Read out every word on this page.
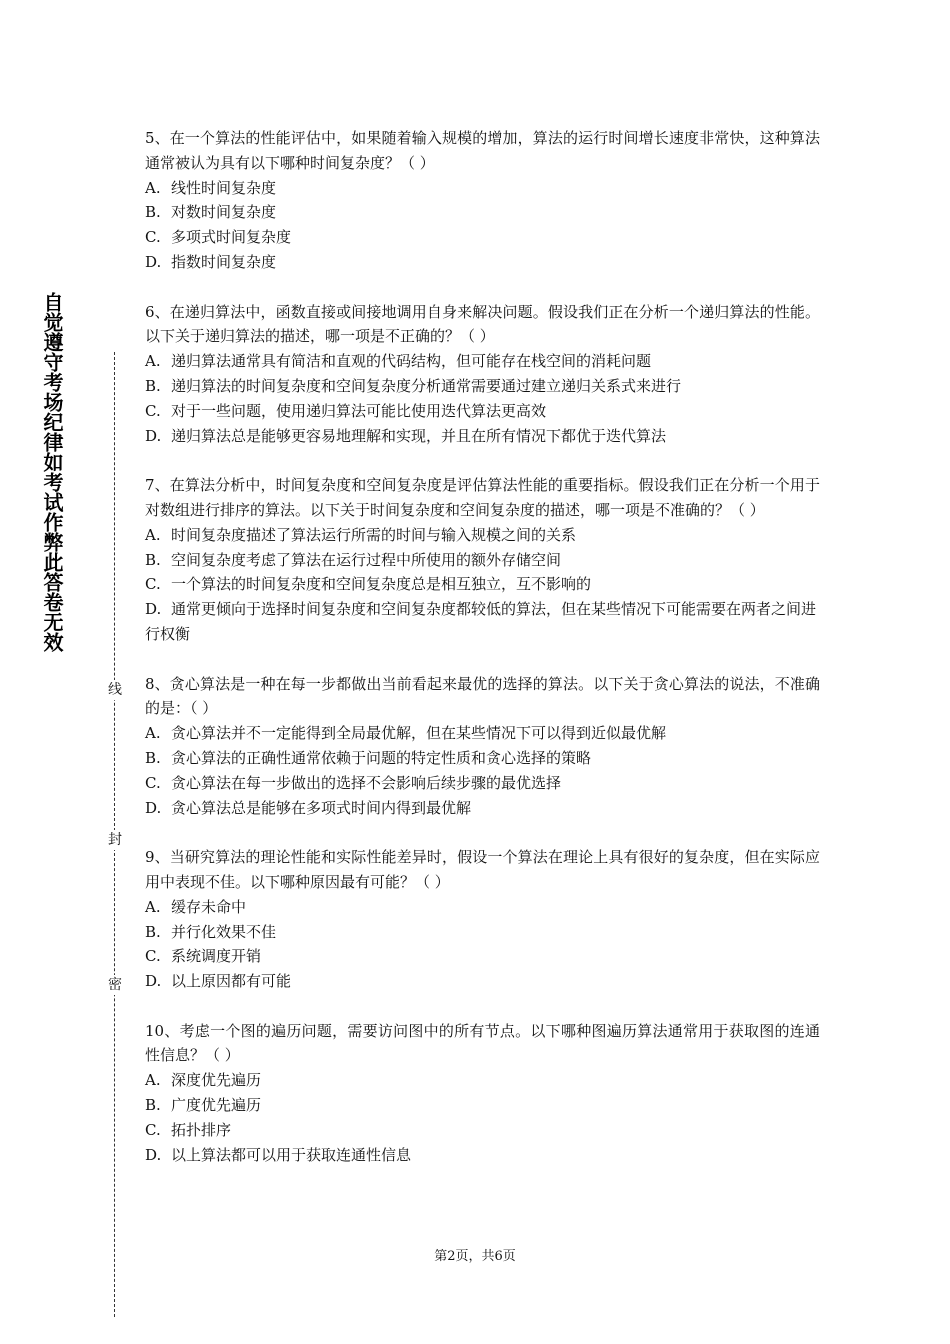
自觉遵守考场纪律如考试作弊此答卷无效
线
封
密

5、在一个算法的性能评估中，如果随着输入规模的增加，算法的运行时间增长速度非常快，这种算法通常被认为具有以下哪种时间复杂度？（ ）

A. 线性时间复杂度

B. 对数时间复杂度

C. 多项式时间复杂度

D. 指数时间复杂度

6、在递归算法中，函数直接或间接地调用自身来解决问题。假设我们正在分析一个递归算法的性能。以下关于递归算法的描述，哪一项是不正确的？（ ）

A. 递归算法通常具有简洁和直观的代码结构，但可能存在栈空间的消耗问题

B. 递归算法的时间复杂度和空间复杂度分析通常需要通过建立递归关系式来进行

C. 对于一些问题，使用递归算法可能比使用迭代算法更高效

D. 递归算法总是能够更容易地理解和实现，并且在所有情况下都优于迭代算法

7、在算法分析中，时间复杂度和空间复杂度是评估算法性能的重要指标。假设我们正在分析一个用于对数组进行排序的算法。以下关于时间复杂度和空间复杂度的描述，哪一项是不准确的？（ ）

A. 时间复杂度描述了算法运行所需的时间与输入规模之间的关系

B. 空间复杂度考虑了算法在运行过程中所使用的额外存储空间

C. 一个算法的时间复杂度和空间复杂度总是相互独立，互不影响的

D. 通常更倾向于选择时间复杂度和空间复杂度都较低的算法，但在某些情况下可能需要在两者之间进行权衡

8、贪心算法是一种在每一步都做出当前看起来最优的选择的算法。以下关于贪心算法的说法，不准确的是：（ ）

A. 贪心算法并不一定能得到全局最优解，但在某些情况下可以得到近似最优解

B. 贪心算法的正确性通常依赖于问题的特定性质和贪心选择的策略

C. 贪心算法在每一步做出的选择不会影响后续步骤的最优选择

D. 贪心算法总是能够在多项式时间内得到最优解

9、当研究算法的理论性能和实际性能差异时，假设一个算法在理论上具有很好的复杂度，但在实际应用中表现不佳。以下哪种原因最有可能？（ ）

A. 缓存未命中

B. 并行化效果不佳

C. 系统调度开销

D. 以上原因都有可能

10、考虑一个图的遍历问题，需要访问图中的所有节点。以下哪种图遍历算法通常用于获取图的连通性信息？（ ）

A. 深度优先遍历

B. 广度优先遍历

C. 拓扑排序

D. 以上算法都可以用于获取连通性信息

第2页，共6页
